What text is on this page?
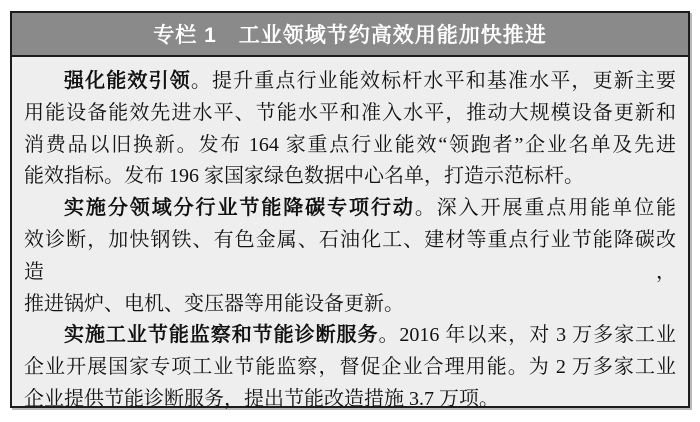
专栏 1　工业领域节约高效用能加快推进
强化能效引领。提升重点行业能效标杆水平和基准水平，更新主要
用能设备能效先进水平、节能水平和准入水平，推动大规模设备更新和
消费品以旧换新。发布 164 家重点行业能效“领跑者”企业名单及先进
能效指标。发布 196 家国家绿色数据中心名单，打造示范标杆。
实施分领域分行业节能降碳专项行动。深入开展重点用能单位能
效诊断，加快钢铁、有色金属、石油化工、建材等重点行业节能降碳改造，
推进锅炉、电机、变压器等用能设备更新。
实施工业节能监察和节能诊断服务。2016 年以来，对 3 万多家工业
企业开展国家专项工业节能监察，督促企业合理用能。为 2 万多家工业
企业提供节能诊断服务，提出节能改造措施 3.7 万项。
